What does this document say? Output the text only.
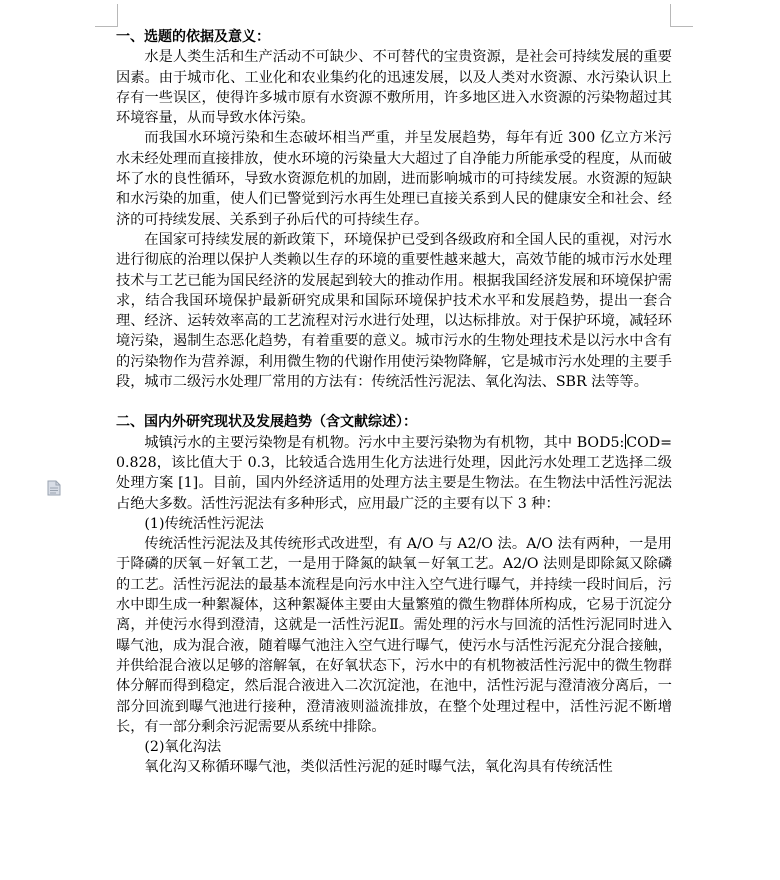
一、选题的依据及意义：

水是人类生活和生产活动不可缺少、不可替代的宝贵资源，是社会可持续发展的重要因素。由于城市化、工业化和农业集约化的迅速发展，以及人类对水资源、水污染认识上存有一些误区，使得许多城市原有水资源不敷所用，许多地区进入水资源的污染物超过其环境容量，从而导致水体污染。

而我国水环境污染和生态破坏相当严重，并呈发展趋势，每年有近 300 亿立方米污水未经处理而直接排放，使水环境的污染量大大超过了自净能力所能承受的程度，从而破坏了水的良性循环，导致水资源危机的加剧，进而影响城市的可持续发展。水资源的短缺和水污染的加重，使人们已警觉到污水再生处理已直接关系到人民的健康安全和社会、经济的可持续发展、关系到子孙后代的可持续生存。

在国家可持续发展的新政策下，环境保护已受到各级政府和全国人民的重视，对污水进行彻底的治理以保护人类赖以生存的环境的重要性越来越大，高效节能的城市污水处理技术与工艺已能为国民经济的发展起到较大的推动作用。根据我国经济发展和环境保护需求，结合我国环境保护最新研究成果和国际环境保护技术水平和发展趋势，提出一套合理、经济、运转效率高的工艺流程对污水进行处理，以达标排放。对于保护环境，减轻环境污染，遏制生态恶化趋势，有着重要的意义。城市污水的生物处理技术是以污水中含有的污染物作为营养源，利用微生物的代谢作用使污染物降解，它是城市污水处理的主要手段，城市二级污水处理厂常用的方法有：传统活性污泥法、氧化沟法、SBR 法等等。

二、国内外研究现状及发展趋势（含文献综述）：

城镇污水的主要污染物是有机物。污水中主要污染物为有机物，其中 BOD5: COD=0.828，该比值大于 0.3，比较适合选用生化方法进行处理，因此污水处理工艺选择二级处理方案 [1]。目前，国内外经济适用的处理方法主要是生物法。在生物法中活性污泥法占绝大多数。活性污泥法有多种形式，应用最广泛的主要有以下 3 种：

(1)传统活性污泥法

传统活性污泥法及其传统形式改进型，有 A/O 与 A2/O 法。A/O 法有两种，一是用于降磷的厌氧－好氧工艺，一是用于降氮的缺氧－好氧工艺。A2/O 法则是即除氮又除磷的工艺。活性污泥法的最基本流程是向污水中注入空气进行曝气，并持续一段时间后，污水中即生成一种絮凝体，这种絮凝体主要由大量繁殖的微生物群体所构成，它易于沉淀分离，并使污水得到澄清，这就是一活性污泥Ⅱ。需处理的污水与回流的活性污泥同时进入曝气池，成为混合液，随着曝气池注入空气进行曝气，使污水与活性污泥充分混合接触，并供给混合液以足够的溶解氧，在好氧状态下，污水中的有机物被活性污泥中的微生物群体分解而得到稳定，然后混合液进入二次沉淀池，在池中，活性污泥与澄清液分离后，一部分回流到曝气池进行接种，澄清液则溢流排放，在整个处理过程中，活性污泥不断增长，有一部分剩余污泥需要从系统中排除。

(2)氧化沟法

氧化沟又称循环曝气池，类似活性污泥的延时曝气法，氧化沟具有传统活性
